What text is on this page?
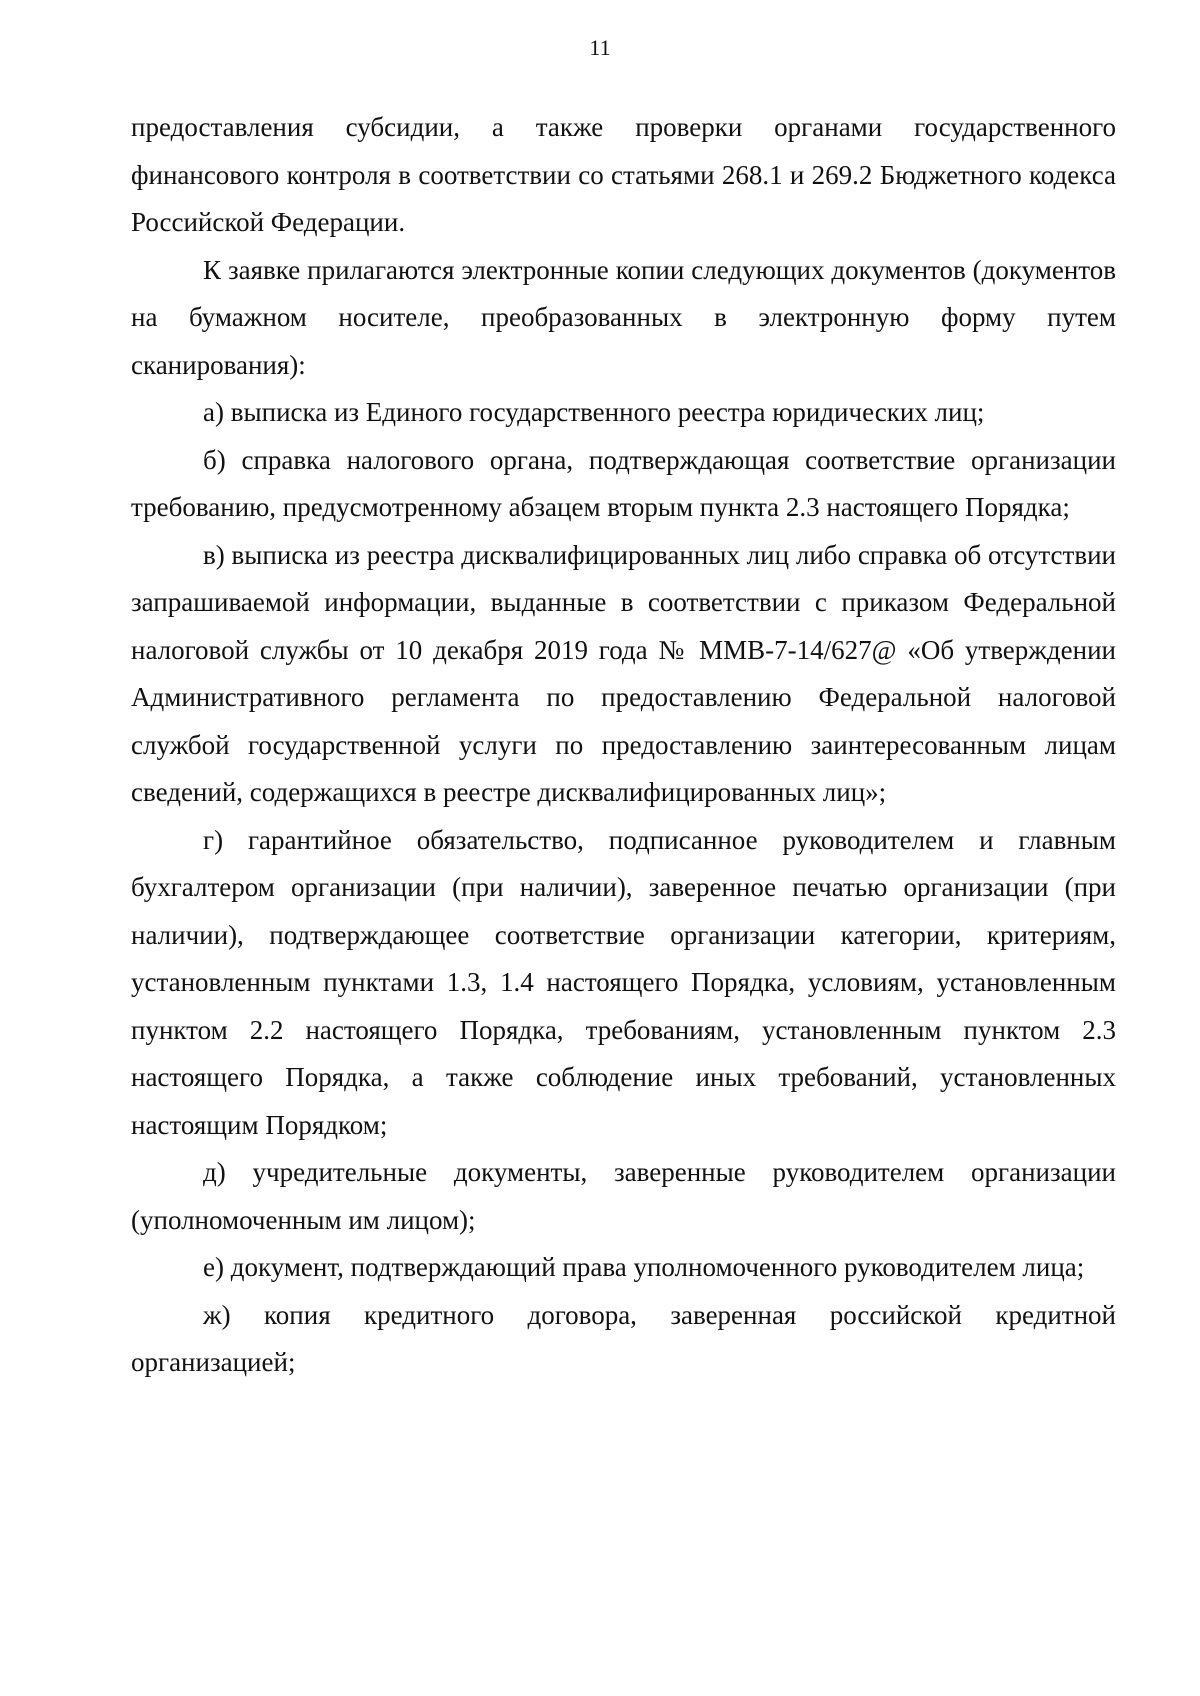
11

предоставления субсидии, а также проверки органами государственного финансового контроля в соответствии со статьями 268.1 и 269.2 Бюджетного кодекса Российской Федерации.

К заявке прилагаются электронные копии следующих документов (документов на бумажном носителе, преобразованных в электронную форму путем сканирования):

а) выписка из Единого государственного реестра юридических лиц;

б) справка налогового органа, подтверждающая соответствие организации требованию, предусмотренному абзацем вторым пункта 2.3 настоящего Порядка;

в) выписка из реестра дисквалифицированных лиц либо справка об отсутствии запрашиваемой информации, выданные в соответствии с приказом Федеральной налоговой службы от 10 декабря 2019 года № ММВ-7-14/627@ «Об утверждении Административного регламента по предоставлению Федеральной налоговой службой государственной услуги по предоставлению заинтересованным лицам сведений, содержащихся в реестре дисквалифицированных лиц»;

г) гарантийное обязательство, подписанное руководителем и главным бухгалтером организации (при наличии), заверенное печатью организации (при наличии), подтверждающее соответствие организации категории, критериям, установленным пунктами 1.3, 1.4 настоящего Порядка, условиям, установленным пунктом 2.2 настоящего Порядка, требованиям, установленным пунктом 2.3 настоящего Порядка, а также соблюдение иных требований, установленных настоящим Порядком;

д) учредительные документы, заверенные руководителем организации (уполномоченным им лицом);

е) документ, подтверждающий права уполномоченного руководителем лица;

ж) копия кредитного договора, заверенная российской кредитной организацией;
